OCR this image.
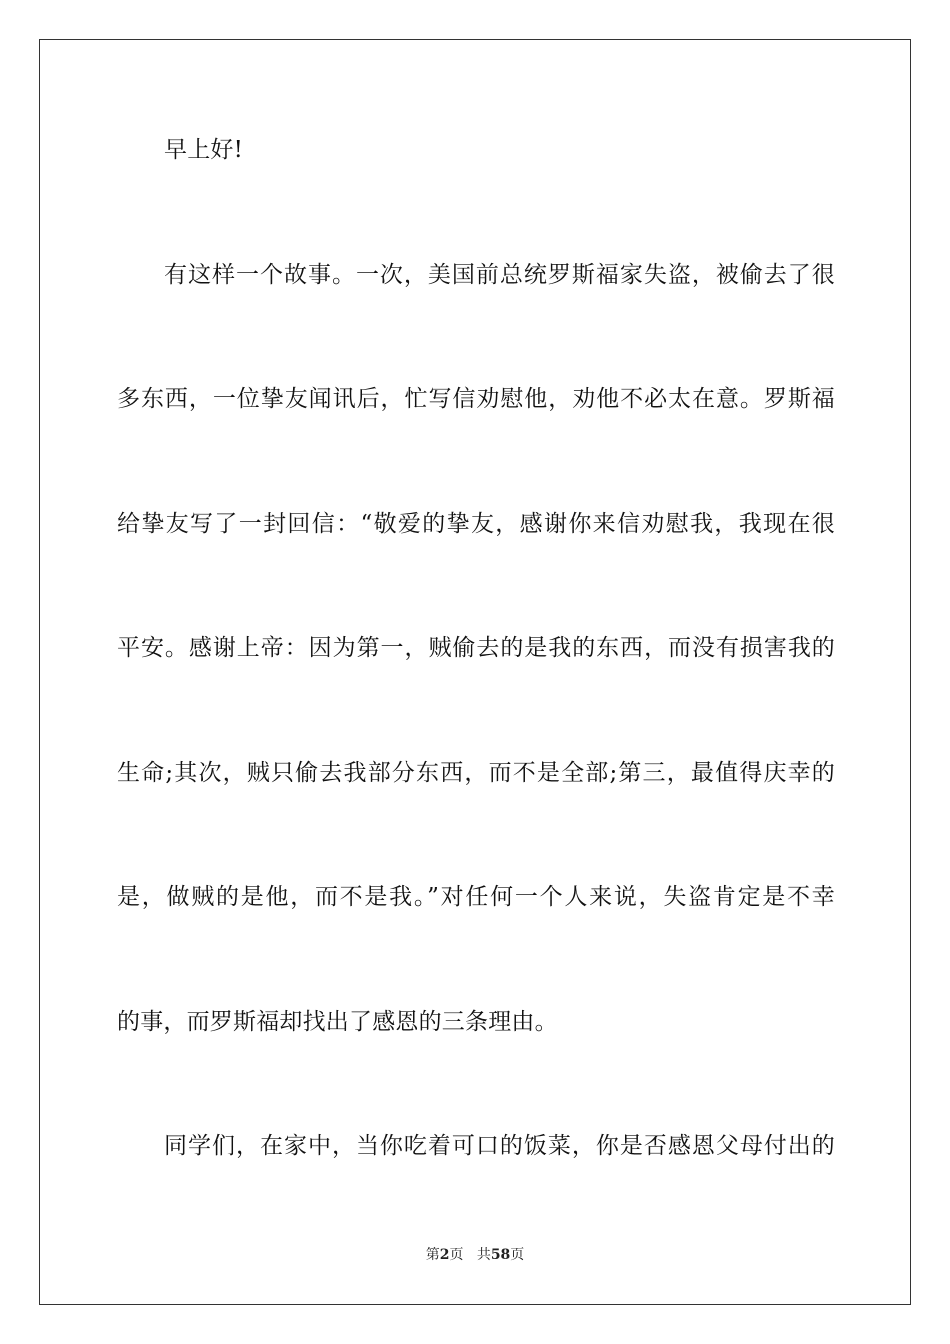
早上好!
有这样一个故事。一次，美国前总统罗斯福家失盗，被偷去了很
多东西，一位挚友闻讯后，忙写信劝慰他，劝他不必太在意。罗斯福
给挚友写了一封回信：“敬爱的挚友，感谢你来信劝慰我，我现在很
平安。感谢上帝：因为第一，贼偷去的是我的东西，而没有损害我的
生命;其次，贼只偷去我部分东西，而不是全部;第三，最值得庆幸的
是，做贼的是他，而不是我。”对任何一个人来说，失盗肯定是不幸
的事，而罗斯福却找出了感恩的三条理由。
同学们，在家中，当你吃着可口的饭菜，你是否感恩父母付出的
第2页 共58页
